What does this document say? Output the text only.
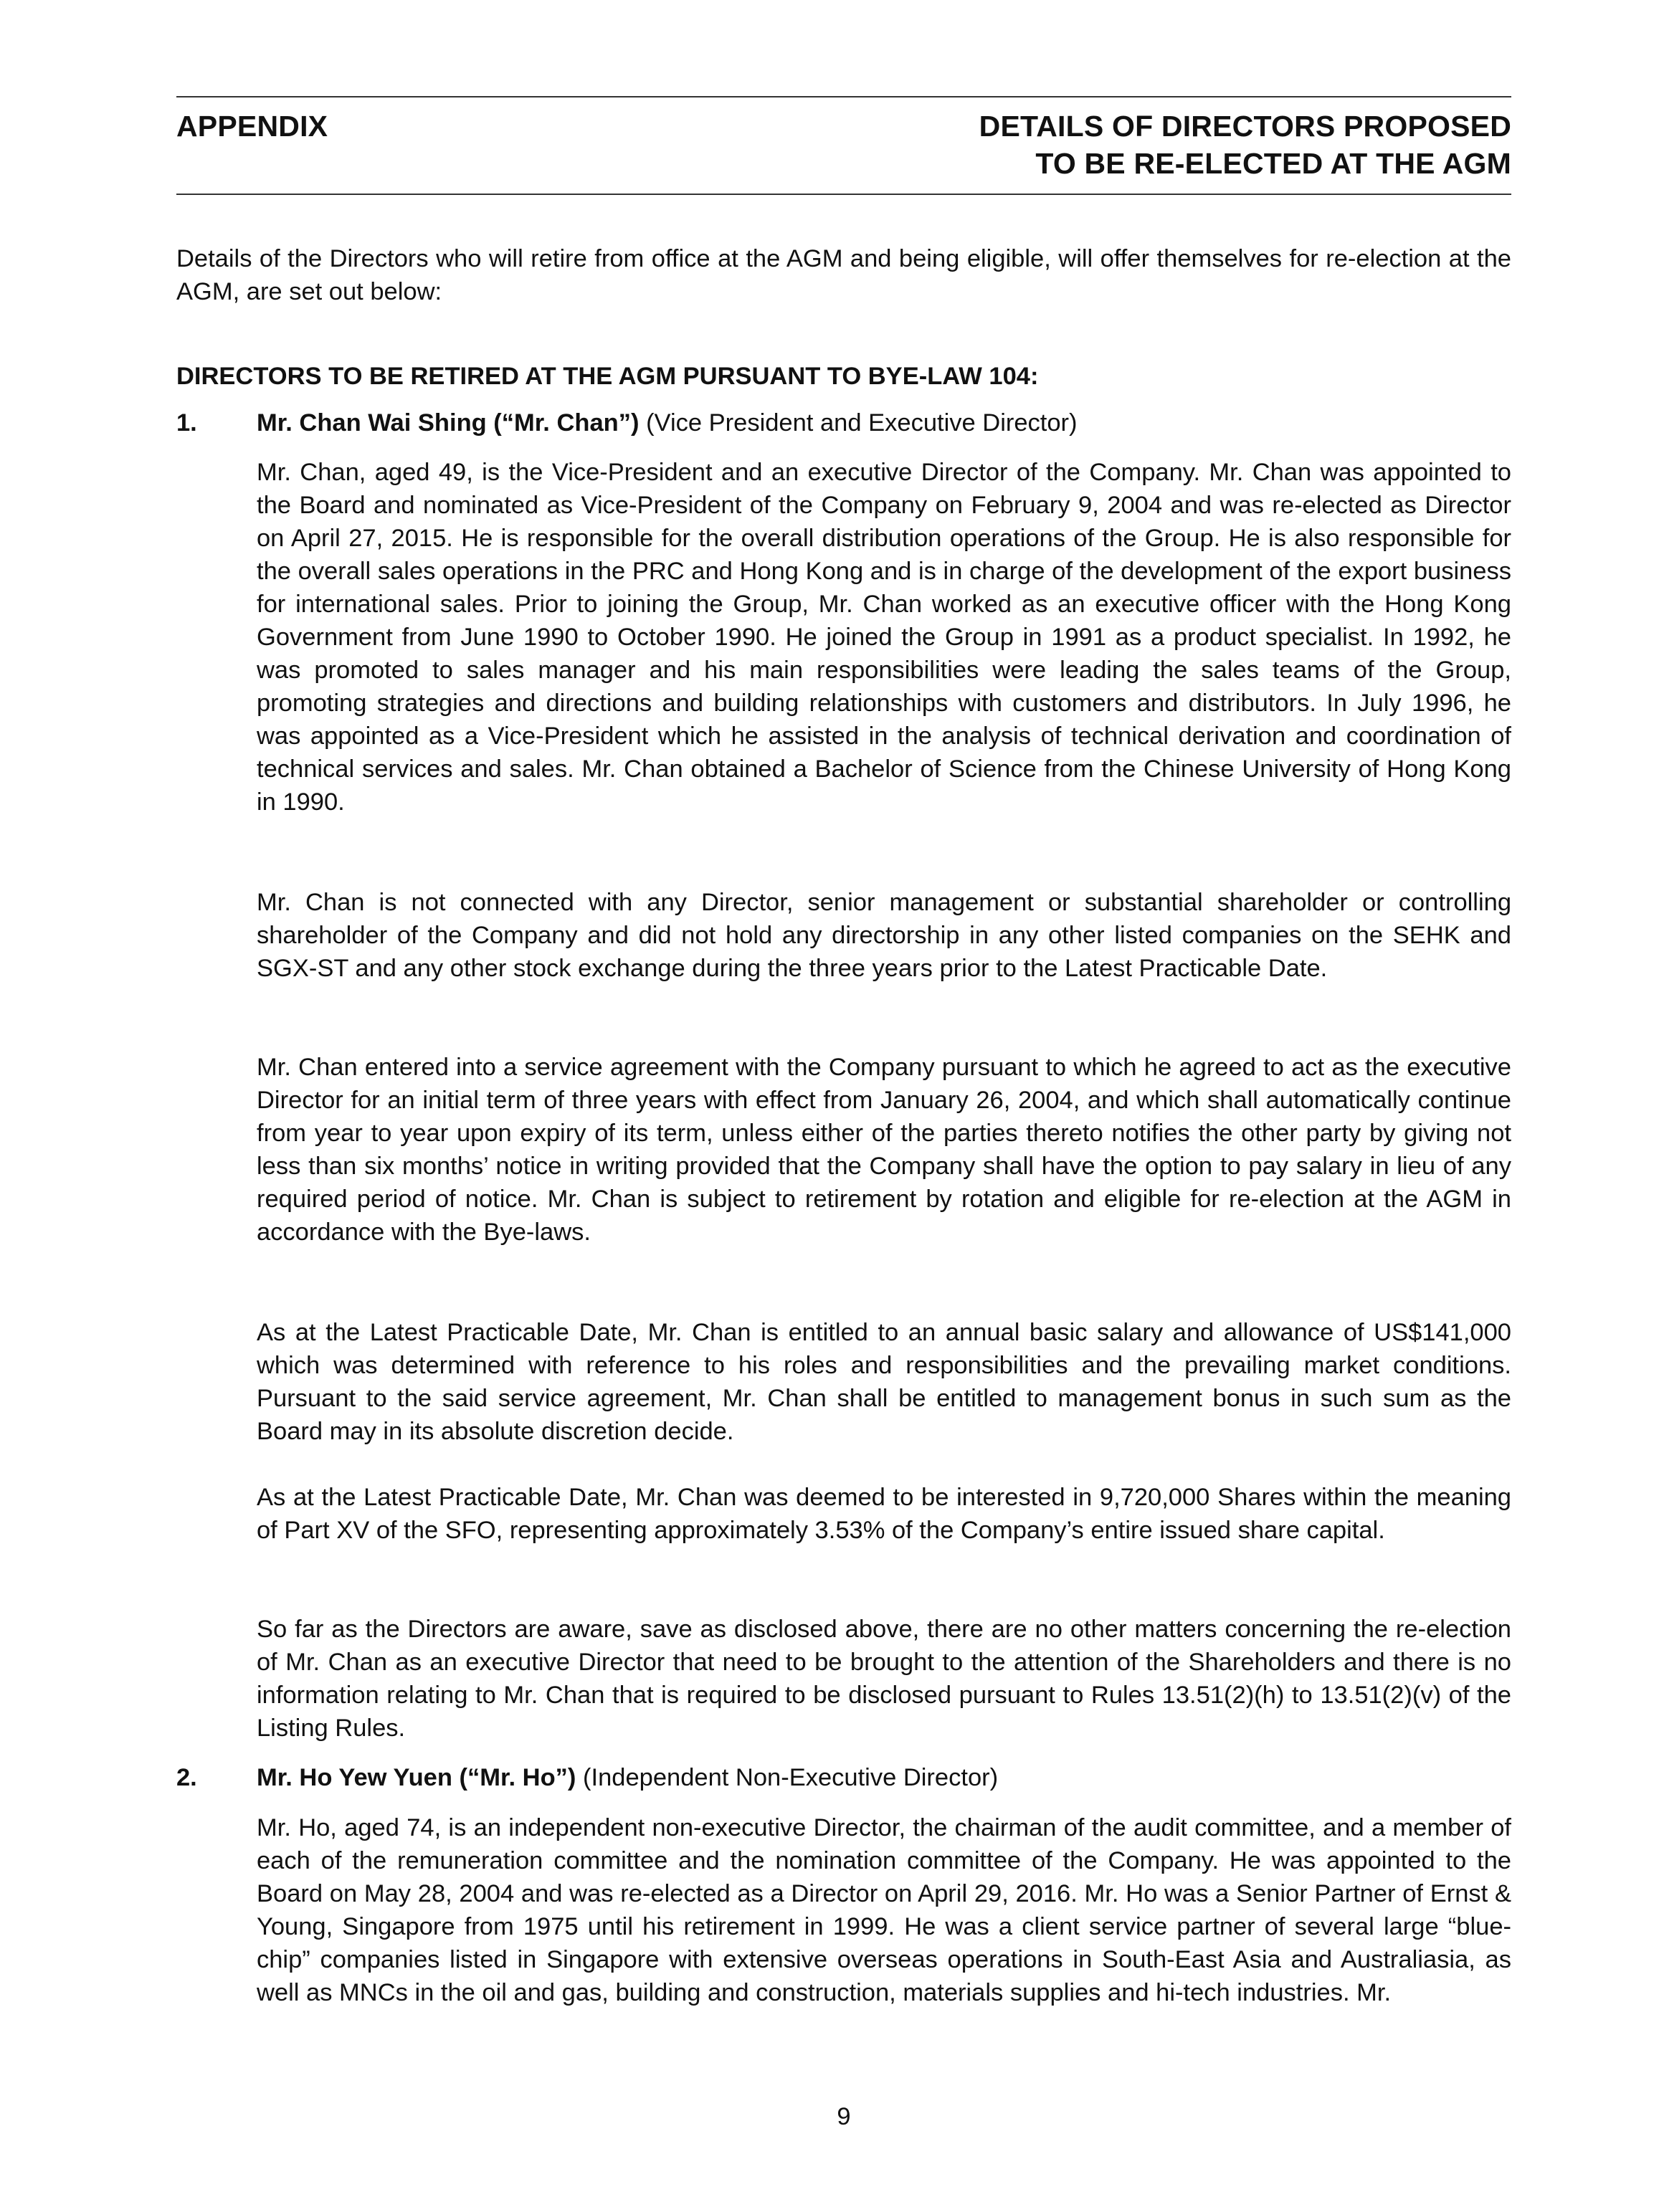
APPENDIX	DETAILS OF DIRECTORS PROPOSED
TO BE RE-ELECTED AT THE AGM

Details of the Directors who will retire from office at the AGM and being eligible, will offer themselves for re-election at the AGM, are set out below:

DIRECTORS TO BE RETIRED AT THE AGM PURSUANT TO BYE-LAW 104:
1. Mr. Chan Wai Shing (“Mr. Chan”) (Vice President and Executive Director)

Mr. Chan, aged 49, is the Vice-President and an executive Director of the Company. Mr. Chan was appointed to the Board and nominated as Vice-President of the Company on February 9, 2004 and was re-elected as Director on April 27, 2015. He is responsible for the overall distribution operations of the Group. He is also responsible for the overall sales operations in the PRC and Hong Kong and is in charge of the development of the export business for international sales. Prior to joining the Group, Mr. Chan worked as an executive officer with the Hong Kong Government from June 1990 to October 1990. He joined the Group in 1991 as a product specialist. In 1992, he was promoted to sales manager and his main responsibilities were leading the sales teams of the Group, promoting strategies and directions and building relationships with customers and distributors. In July 1996, he was appointed as a Vice-President which he assisted in the analysis of technical derivation and coordination of technical services and sales. Mr. Chan obtained a Bachelor of Science from the Chinese University of Hong Kong in 1990.

Mr. Chan is not connected with any Director, senior management or substantial shareholder or controlling shareholder of the Company and did not hold any directorship in any other listed companies on the SEHK and SGX-ST and any other stock exchange during the three years prior to the Latest Practicable Date.

Mr. Chan entered into a service agreement with the Company pursuant to which he agreed to act as the executive Director for an initial term of three years with effect from January 26, 2004, and which shall automatically continue from year to year upon expiry of its term, unless either of the parties thereto notifies the other party by giving not less than six months’ notice in writing provided that the Company shall have the option to pay salary in lieu of any required period of notice. Mr. Chan is subject to retirement by rotation and eligible for re-election at the AGM in accordance with the Bye-laws.

As at the Latest Practicable Date, Mr. Chan is entitled to an annual basic salary and allowance of US$141,000 which was determined with reference to his roles and responsibilities and the prevailing market conditions. Pursuant to the said service agreement, Mr. Chan shall be entitled to management bonus in such sum as the Board may in its absolute discretion decide.

As at the Latest Practicable Date, Mr. Chan was deemed to be interested in 9,720,000 Shares within the meaning of Part XV of the SFO, representing approximately 3.53% of the Company’s entire issued share capital.

So far as the Directors are aware, save as disclosed above, there are no other matters concerning the re-election of Mr. Chan as an executive Director that need to be brought to the attention of the Shareholders and there is no information relating to Mr. Chan that is required to be disclosed pursuant to Rules 13.51(2)(h) to 13.51(2)(v) of the Listing Rules.

2. Mr. Ho Yew Yuen (“Mr. Ho”) (Independent Non-Executive Director)

Mr. Ho, aged 74, is an independent non-executive Director, the chairman of the audit committee, and a member of each of the remuneration committee and the nomination committee of the Company. He was appointed to the Board on May 28, 2004 and was re-elected as a Director on April 29, 2016. Mr. Ho was a Senior Partner of Ernst & Young, Singapore from 1975 until his retirement in 1999. He was a client service partner of several large “blue-chip” companies listed in Singapore with extensive overseas operations in South-East Asia and Australiasia, as well as MNCs in the oil and gas, building and construction, materials supplies and hi-tech industries. Mr.

9
